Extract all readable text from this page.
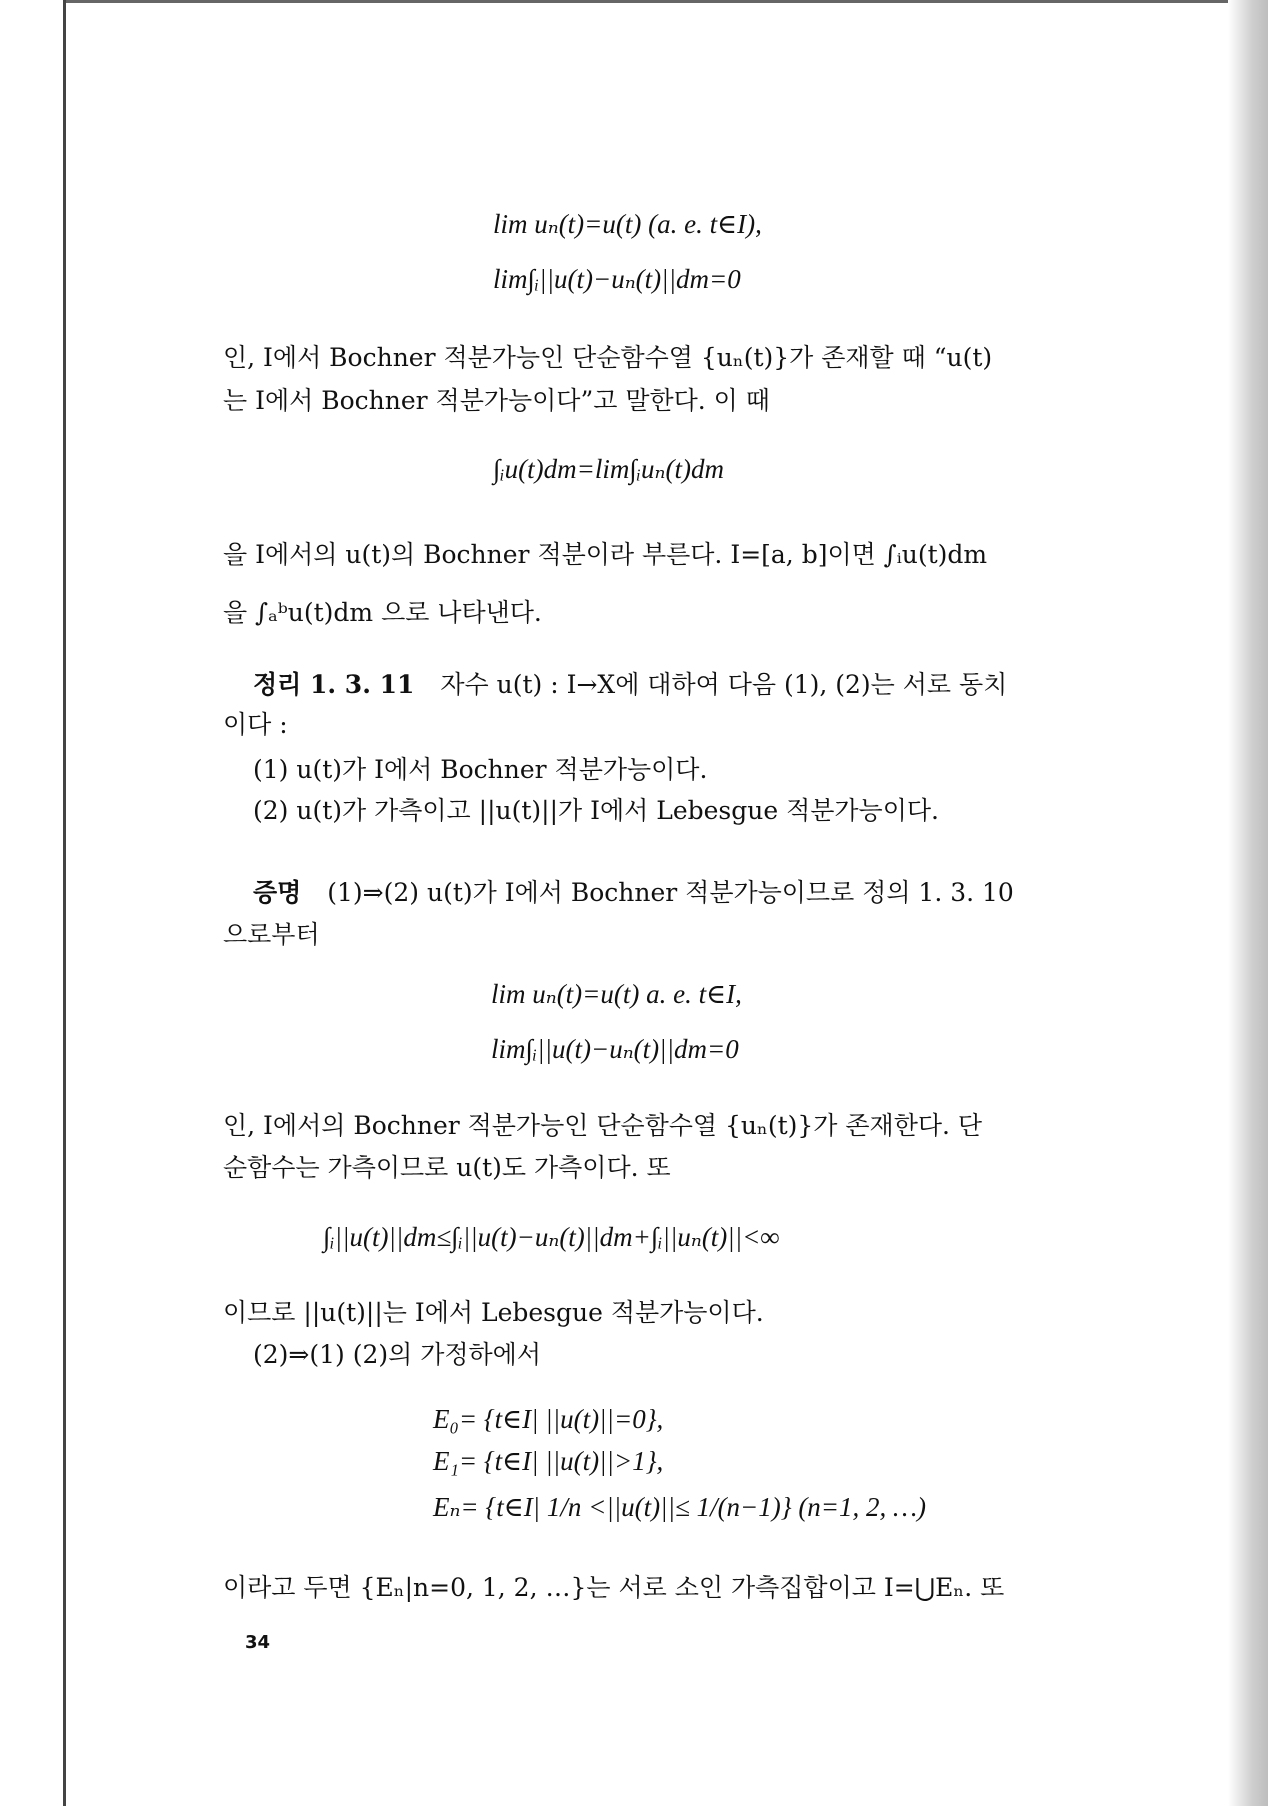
lim uₙ(t)=u(t) (a. e. t∈I),
lim∫ᵢ||u(t)−uₙ(t)||dm=0
인, I에서 Bochner 적분가능인 단순함수열 {uₙ(t)}가 존재할 때 “u(t)
는 I에서 Bochner 적분가능이다”고 말한다. 이 때
∫ᵢu(t)dm=lim∫ᵢuₙ(t)dm
을 I에서의 u(t)의 Bochner 적분이라 부른다. I=[a, b]이면 ∫ᵢu(t)dm
을 ∫ₐᵇu(t)dm 으로 나타낸다.
정리 1. 3. 11 자수 u(t) : I→X에 대하여 다음 (1), (2)는 서로 동치
이다 :
(1) u(t)가 I에서 Bochner 적분가능이다.
(2) u(t)가 가측이고 ||u(t)||가 I에서 Lebesgue 적분가능이다.
증명 (1)⇒(2) u(t)가 I에서 Bochner 적분가능이므로 정의 1. 3. 10
으로부터
lim uₙ(t)=u(t) a. e. t∈I,
lim∫ᵢ||u(t)−uₙ(t)||dm=0
인, I에서의 Bochner 적분가능인 단순함수열 {uₙ(t)}가 존재한다. 단
순함수는 가측이므로 u(t)도 가측이다. 또
∫ᵢ||u(t)||dm≤∫ᵢ||u(t)−uₙ(t)||dm+∫ᵢ||uₙ(t)||<∞
이므로 ||u(t)||는 I에서 Lebesgue 적분가능이다.
(2)⇒(1) (2)의 가정하에서
E₀= {t∈I| ||u(t)||=0},
E₁= {t∈I| ||u(t)||>1},
Eₙ= {t∈I| 1/n <||u(t)||≤ 1/(n−1)} (n=1, 2, …)
이라고 두면 {Eₙ|n=0, 1, 2, …}는 서로 소인 가측집합이고 I=⋃Eₙ. 또
34
